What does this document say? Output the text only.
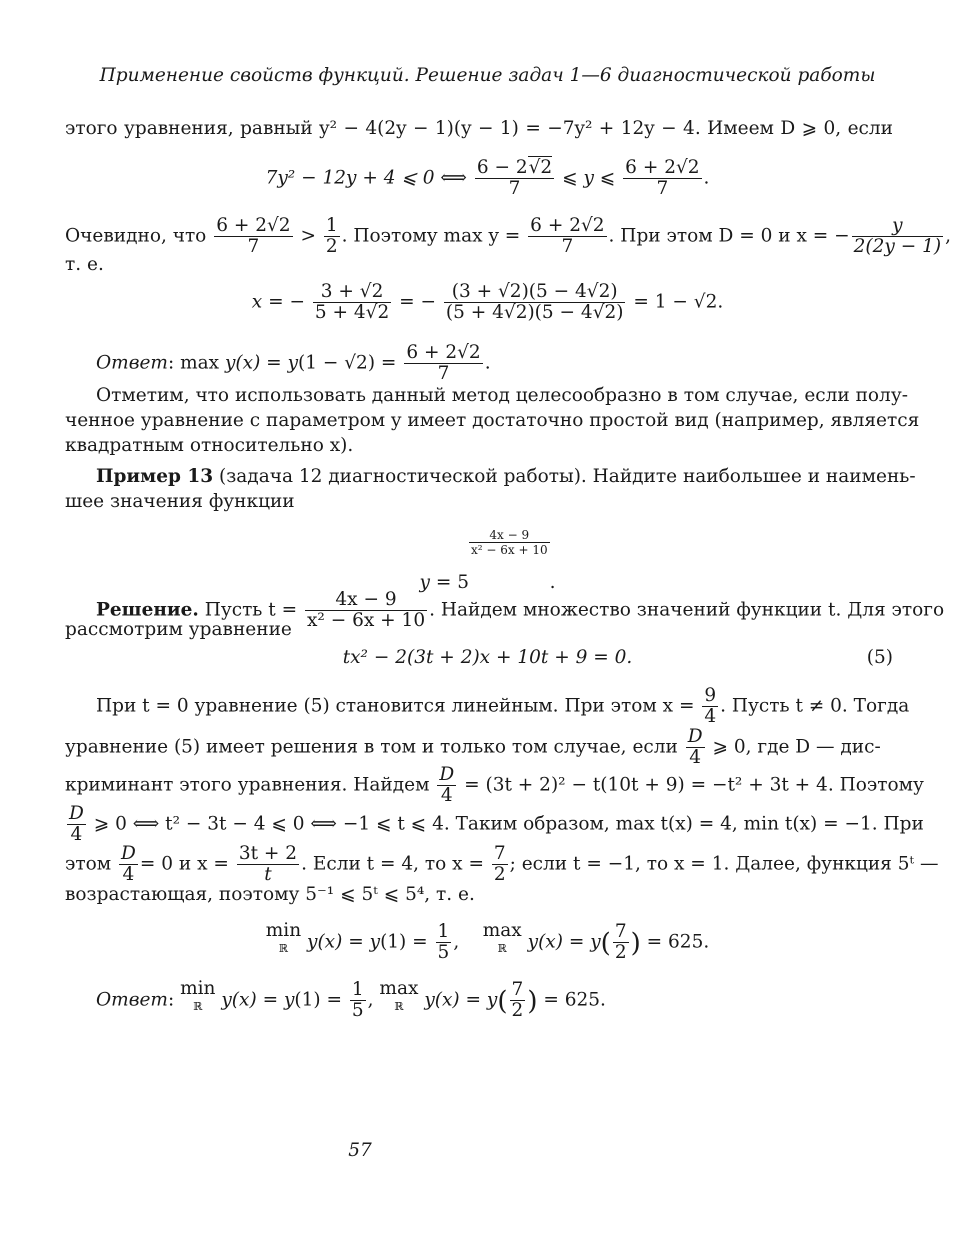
Применение свойств функций. Решение задач 1—6 диагностической работы
этого уравнения, равный y² − 4(2y − 1)(y − 1) = −7y² + 12y − 4. Имеем D ⩾ 0, если
7y² − 12y + 4 ⩽ 0 ⟺ $\frac{6 - 2√2}{7}$ ⩽ y ⩽ $\frac{6 + 2√2}{7}$ .
Очевидно, что $\frac{6 + 2√2}{7} > \frac{1}{2}$ . Поэтому $\max y = \frac{6 + 2√2}{7}$ . При этом D = 0 и x = − $\frac{y}{2(2y - 1)}$ ,
т. е.
x = − $\frac{3 + √2}{5 + 4√2}$ = − $\frac{(3 + √2)(5 - 4√2)}{(5 + 4√2)(5 - 4√2)} = 1 - √2$.
Ответ: $\max y(x) = y(1 - √2) = \frac{6 + 2√2}{7}$ .
Отметим, что использовать данный метод целесообразно в том случае, если полу-
ченное уравнение с параметром y имеет достаточно простой вид (например, является
квадратным относительно x).
Пример 13 (задача 12 диагностической работы). Найдите наибольшее и наимень-
шее значения функции
y = 5
$\frac{4x - 9}{\text{x² − 6x + 10}}$
.
Решение. Пусть $t = \frac{4x - 9}{\text{x² − 6x + 10}}$ . Найдем множество значений функции t. Для этого
рассмотрим уравнение
tx² − 2(3t + 2)x + 10t + 9 = 0.	(5)
При t = 0 уравнение (5) становится линейным. При этом $x = \frac{9}{4}$ . Пусть t ≠ 0. Тогда
уравнение (5) имеет решения в том и только том случае, если $\frac{D}{4}$ ⩾ 0, где D — дис-
криминант этого уравнения. Найдем $\frac{D}{4} = (3t + 2)^2 - t(10t + 9) = -t^2 + 3t + 4$. Поэтому
$\frac{D}{4}$ ⩾ 0 ⟺ t² − 3t − 4 ⩽ 0 ⟺ −1 ⩽ t ⩽ 4. Таким образом, max t(x) = 4, min t(x) = −1. При
этом $\frac{D}{4} = 0$ и $x = \frac{3t + 2}{t}$ . Если t = 4, то $x = \frac{7}{2}$ ; если t = −1, то x = 1. Далее, функция 5ᵗ —
возрастающая, поэтому 5⁻¹ ⩽ 5ᵗ ⩽ 5⁴, т. е.
min
ℝ	$y(x) = y(1) = \frac{1}{5}$ ,
max
ℝ	$y(x) = y( \frac{7}{2}$ ) = 625.
Ответ:
min
ℝ	$y(x) = y(1) = \frac{1}{5}$ ,
max
ℝ	$y(x) = y( \frac{7}{2}$ ) = 625.
57
